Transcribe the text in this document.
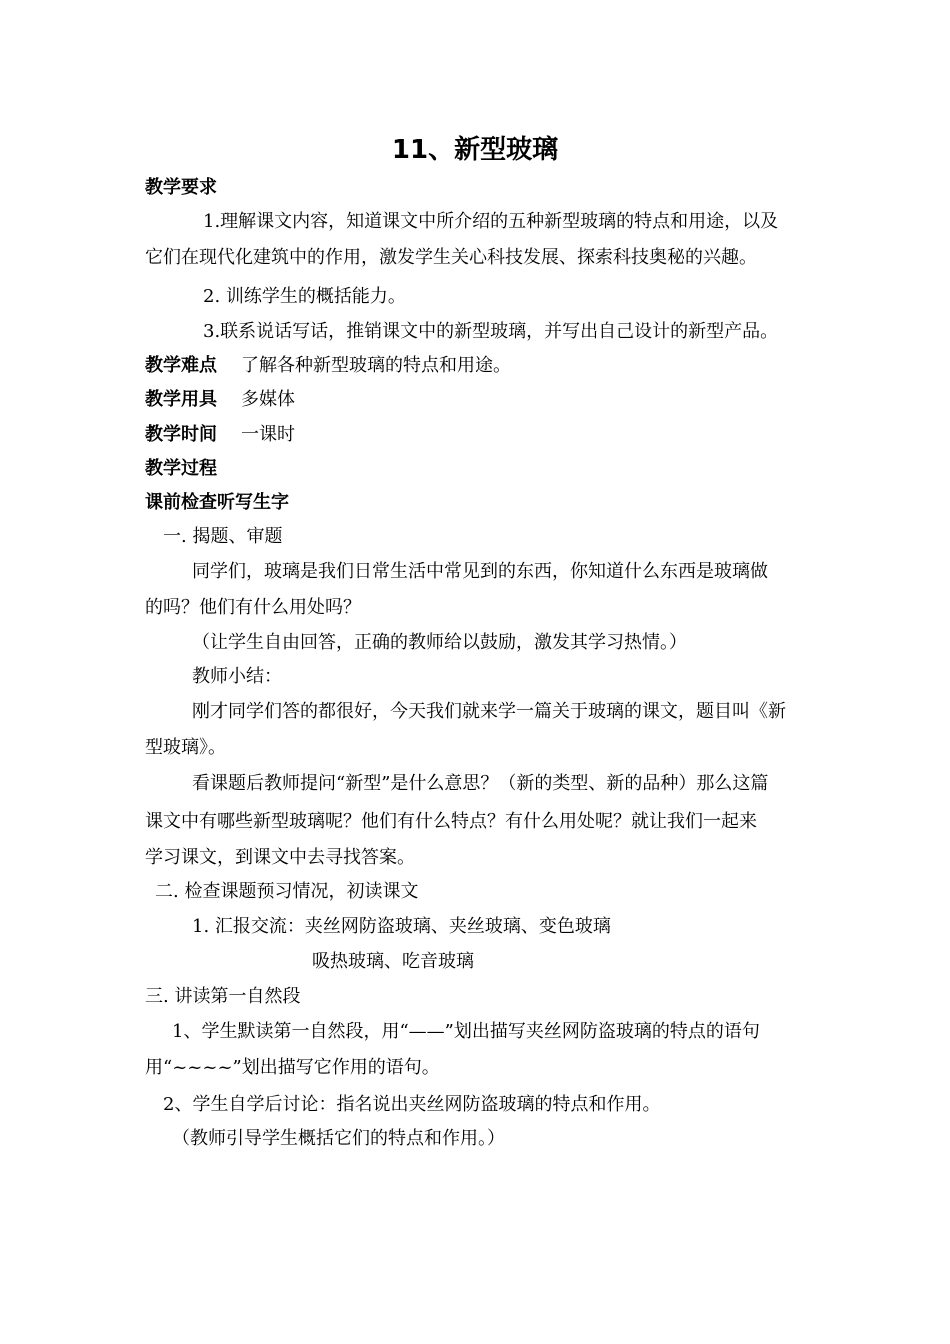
11、新型玻璃
教学要求
1.理解课文内容，知道课文中所介绍的五种新型玻璃的特点和用途，以及
它们在现代化建筑中的作用，激发学生关心科技发展、探索科技奥秘的兴趣。
2. 训练学生的概括能力。
3.联系说话写话，推销课文中的新型玻璃，并写出自己设计的新型产品。
教学难点 了解各种新型玻璃的特点和用途。
教学用具 多媒体
教学时间 一课时
教学过程
课前检查听写生字
一. 揭题、审题
同学们，玻璃是我们日常生活中常见到的东西，你知道什么东西是玻璃做
的吗？他们有什么用处吗？
（让学生自由回答，正确的教师给以鼓励，激发其学习热情。）
教师小结：
刚才同学们答的都很好，今天我们就来学一篇关于玻璃的课文，题目叫《新
型玻璃》。
看课题后教师提问“新型”是什么意思？（新的类型、新的品种）那么这篇
课文中有哪些新型玻璃呢？他们有什么特点？有什么用处呢？就让我们一起来
学习课文，到课文中去寻找答案。
二. 检查课题预习情况，初读课文
1. 汇报交流：夹丝网防盗玻璃、夹丝玻璃、变色玻璃
吸热玻璃、吃音玻璃
三. 讲读第一自然段
1、学生默读第一自然段，用“——”划出描写夹丝网防盗玻璃的特点的语句
用“~~~~”划出描写它作用的语句。
2、学生自学后讨论：指名说出夹丝网防盗玻璃的特点和作用。
（教师引导学生概括它们的特点和作用。）
